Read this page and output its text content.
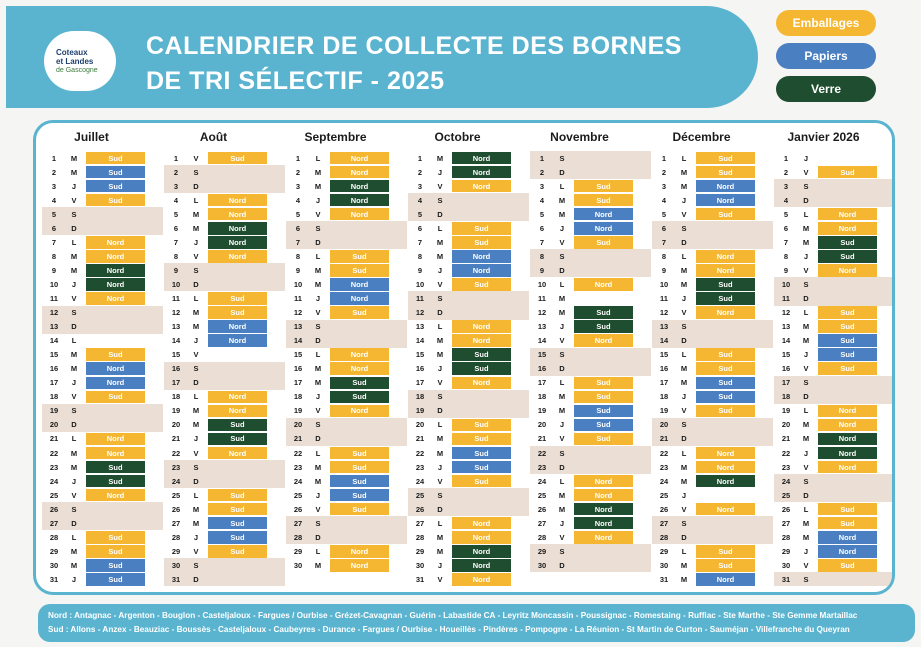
Coteaux
et Landes
de Gascogne
CALENDRIER DE COLLECTE DES BORNES
DE TRI SÉLECTIF - 2025
Emballages
Papiers
Verre
Juillet
1	M	Sud
2	M	Sud
3	J	Sud
4	V	Sud
5	S
6	D
7	L	Nord
8	M	Nord
9	M	Nord
10	J	Nord
11	V	Nord
12	S
13	D
14	L
15	M	Sud
16	M	Nord
17	J	Nord
18	V	Sud
19	S
20	D
21	L	Nord
22	M	Nord
23	M	Sud
24	J	Sud
25	V	Nord
26	S
27	D
28	L	Sud
29	M	Sud
30	M	Sud
31	J	Sud
Août
1	V	Sud
2	S
3	D
4	L	Nord
5	M	Nord
6	M	Nord
7	J	Nord
8	V	Nord
9	S
10	D
11	L	Sud
12	M	Sud
13	M	Nord
14	J	Nord
15	V
16	S
17	D
18	L	Nord
19	M	Nord
20	M	Sud
21	J	Sud
22	V	Nord
23	S
24	D
25	L	Sud
26	M	Sud
27	M	Sud
28	J	Sud
29	V	Sud
30	S
31	D
Septembre
1	L	Nord
2	M	Nord
3	M	Nord
4	J	Nord
5	V	Nord
6	S
7	D
8	L	Sud
9	M	Sud
10	M	Nord
11	J	Nord
12	V	Sud
13	S
14	D
15	L	Nord
16	M	Nord
17	M	Sud
18	J	Sud
19	V	Nord
20	S
21	D
22	L	Sud
23	M	Sud
24	M	Sud
25	J	Sud
26	V	Sud
27	S
28	D
29	L	Nord
30	M	Nord
Octobre
1	M	Nord
2	J	Nord
3	V	Nord
4	S
5	D
6	L	Sud
7	M	Sud
8	M	Nord
9	J	Nord
10	V	Sud
11	S
12	D
13	L	Nord
14	M	Nord
15	M	Sud
16	J	Sud
17	V	Nord
18	S
19	D
20	L	Sud
21	M	Sud
22	M	Sud
23	J	Sud
24	V	Sud
25	S
26	D
27	L	Nord
28	M	Nord
29	M	Nord
30	J	Nord
31	V	Nord
Novembre
1	S
2	D
3	L	Sud
4	M	Sud
5	M	Nord
6	J	Nord
7	V	Sud
8	S
9	D
10	L	Nord
11	M
12	M	Sud
13	J	Sud
14	V	Nord
15	S
16	D
17	L	Sud
18	M	Sud
19	M	Sud
20	J	Sud
21	V	Sud
22	S
23	D
24	L	Nord
25	M	Nord
26	M	Nord
27	J	Nord
28	V	Nord
29	S
30	D
Décembre
1	L	Sud
2	M	Sud
3	M	Nord
4	J	Nord
5	V	Sud
6	S
7	D
8	L	Nord
9	M	Nord
10	M	Sud
11	J	Sud
12	V	Nord
13	S
14	D
15	L	Sud
16	M	Sud
17	M	Sud
18	J	Sud
19	V	Sud
20	S
21	D
22	L	Nord
23	M	Nord
24	M	Nord
25	J
26	V	Nord
27	S
28	D
29	L	Sud
30	M	Sud
31	M	Nord
Janvier 2026
1	J
2	V	Sud
3	S
4	D
5	L	Nord
6	M	Nord
7	M	Sud
8	J	Sud
9	V	Nord
10	S
11	D
12	L	Sud
13	M	Sud
14	M	Sud
15	J	Sud
16	V	Sud
17	S
18	D
19	L	Nord
20	M	Nord
21	M	Nord
22	J	Nord
23	V	Nord
24	S
25	D
26	L	Sud
27	M	Sud
28	M	Nord
29	J	Nord
30	V	Sud
31	S
Nord : Antagnac - Argenton - Bouglon - Casteljaloux - Fargues / Ourbise - Grézet-Cavagnan - Guérin - Labastide CA - Leyritz Moncassin - Poussignac - Romestaing - Ruffiac - Ste Marthe - Ste Gemme Martaillac
Sud : Allons - Anzex - Beauziac - Boussès - Casteljaloux - Caubeyres - Durance - Fargues / Ourbise - Houeillès - Pindères - Pompogne - La Réunion - St Martin de Curton - Sauméjan - Villefranche du Queyran
